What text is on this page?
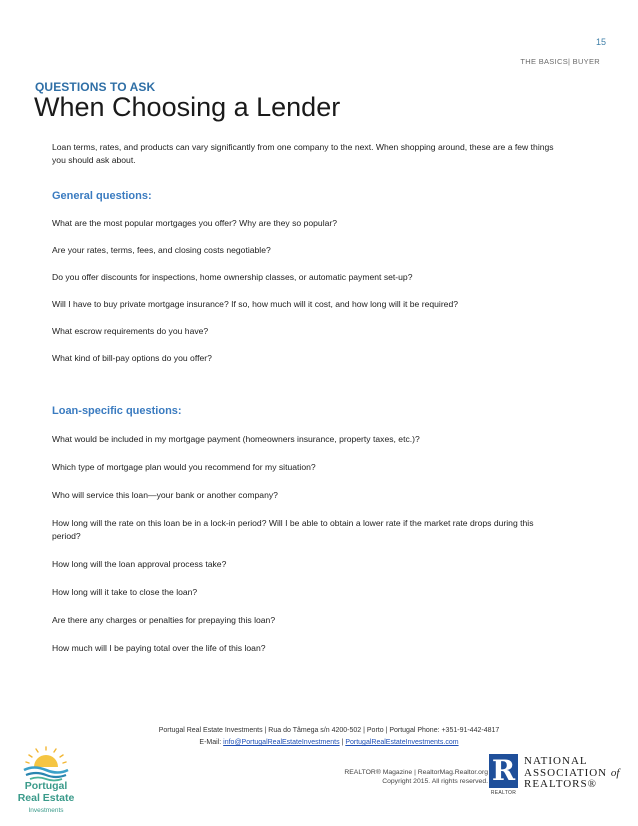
15
THE BASICS| BUYER
QUESTIONS TO ASK
When Choosing a Lender

Loan terms, rates, and products can vary significantly from one company to the next. When shopping around, these are a few things you should ask about.

General questions:

What are the most popular mortgages you offer? Why are they so popular?

Are your rates, terms, fees, and closing costs negotiable?

Do you offer discounts for inspections, home ownership classes, or automatic payment set-up?

Will I have to buy private mortgage insurance? If so, how much will it cost, and how long will it be required?

What escrow requirements do you have?

What kind of bill-pay options do you offer?

Loan-specific questions:

What would be included in my mortgage payment (homeowners insurance, property taxes, etc.)?

Which type of mortgage plan would you recommend for my situation?

Who will service this loan—your bank or another company?

How long will the rate on this loan be in a lock-in period? Will I be able to obtain a lower rate if the market rate drops during this period?

How long will the loan approval process take?

How long will it take to close the loan?

Are there any charges or penalties for prepaying this loan?

How much will I be paying total over the life of this loan?

Portugal Real Estate Investments | Rua do Tâmega s/n 4200-502 | Porto | Portugal Phone: +351-91-442-4817
E-Mail: info@PortugalRealEstateInvestments | PortugalRealEstateInvestments.com
REALTOR® Magazine | RealtorMag.Realtor.org
Copyright 2015. All rights reserved. R
REALTOR
NATIONAL
ASSOCIATION of
REALTORS®
Portugal
Real Estate
Investments
